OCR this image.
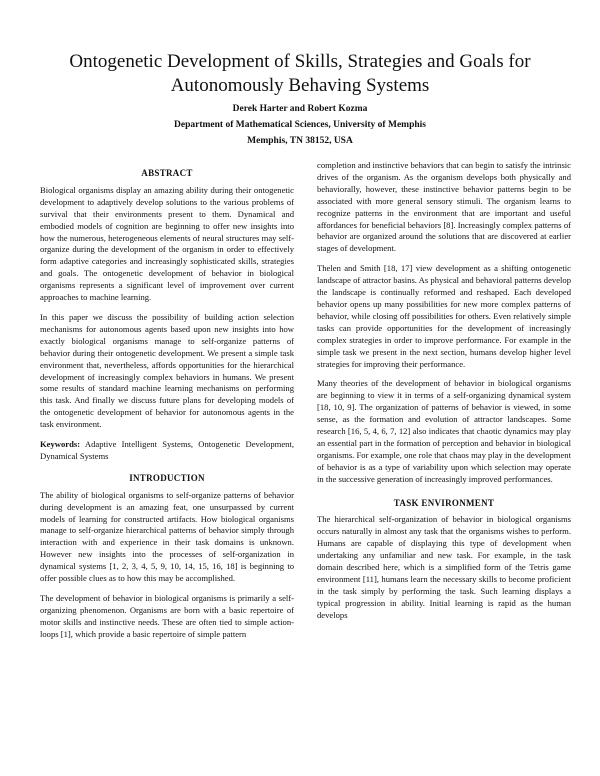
Ontogenetic Development of Skills, Strategies and Goals for
Autonomously Behaving Systems
Derek Harter and Robert Kozma
Department of Mathematical Sciences, University of Memphis
Memphis, TN 38152, USA
ABSTRACT

Biological organisms display an amazing ability during their ontogenetic development to adaptively develop solutions to the various problems of survival that their environments present to them. Dynamical and embodied models of cognition are beginning to offer new insights into how the numerous, heterogeneous elements of neural structures may self-organize during the development of the organism in order to effectively form adaptive categories and increasingly sophisticated skills, strategies and goals. The ontogenetic development of behavior in biological organisms represents a significant level of improvement over current approaches to machine learning.

In this paper we discuss the possibility of building action selection mechanisms for autonomous agents based upon new insights into how exactly biological organisms manage to self-organize patterns of behavior during their ontogenetic development. We present a simple task environment that, nevertheless, affords opportunities for the hierarchical development of increasingly complex behaviors in humans. We present some results of standard machine learning mechanisms on performing this task. And finally we discuss future plans for developing models of the ontogenetic development of behavior for autonomous agents in the task environment.

Keywords: Adaptive Intelligent Systems, Ontogenetic Development, Dynamical Systems

INTRODUCTION

The ability of biological organisms to self-organize patterns of behavior during development is an amazing feat, one unsurpassed by current models of learning for constructed artifacts. How biological organisms manage to self-organize hierarchical patterns of behavior simply through interaction with and experience in their task domains is unknown. However new insights into the processes of self-organization in dynamical systems [1, 2, 3, 4, 5, 9, 10, 14, 15, 16, 18] is beginning to offer possible clues as to how this may be accomplished.

The development of behavior in biological organisms is primarily a self-organizing phenomenon. Organisms are born with a basic repertoire of motor skills and instinctive needs. These are often tied to simple action-loops [1], which provide a basic repertoire of simple pattern

completion and instinctive behaviors that can begin to satisfy the intrinsic drives of the organism. As the organism develops both physically and behaviorally, however, these instinctive behavior patterns begin to be associated with more general sensory stimuli. The organism learns to recognize patterns in the environment that are important and useful affordances for beneficial behaviors [8]. Increasingly complex patterns of behavior are organized around the solutions that are discovered at earlier stages of development.

Thelen and Smith [18, 17] view development as a shifting ontogenetic landscape of attractor basins. As physical and behavioral patterns develop the landscape is continually reformed and reshaped. Each developed behavior opens up many possibilities for new more complex patterns of behavior, while closing off possibilities for others. Even relatively simple tasks can provide opportunities for the development of increasingly complex strategies in order to improve performance. For example in the simple task we present in the next section, humans develop higher level strategies for improving their performance.

Many theories of the development of behavior in biological organisms are beginning to view it in terms of a self-organizing dynamical system [18, 10, 9]. The organization of patterns of behavior is viewed, in some sense, as the formation and evolution of attractor landscapes. Some research [16, 5, 4, 6, 7, 12] also indicates that chaotic dynamics may play an essential part in the formation of perception and behavior in biological organisms. For example, one role that chaos may play in the development of behavior is as a type of variability upon which selection may operate in the successive generation of increasingly improved performances.

TASK ENVIRONMENT

The hierarchical self-organization of behavior in biological organisms occurs naturally in almost any task that the organisms wishes to perform. Humans are capable of displaying this type of development when undertaking any unfamiliar and new task. For example, in the task domain described here, which is a simplified form of the Tetris game environment [11], humans learn the necessary skills to become proficient in the task simply by performing the task. Such learning displays a typical progression in ability. Initial learning is rapid as the human develops
